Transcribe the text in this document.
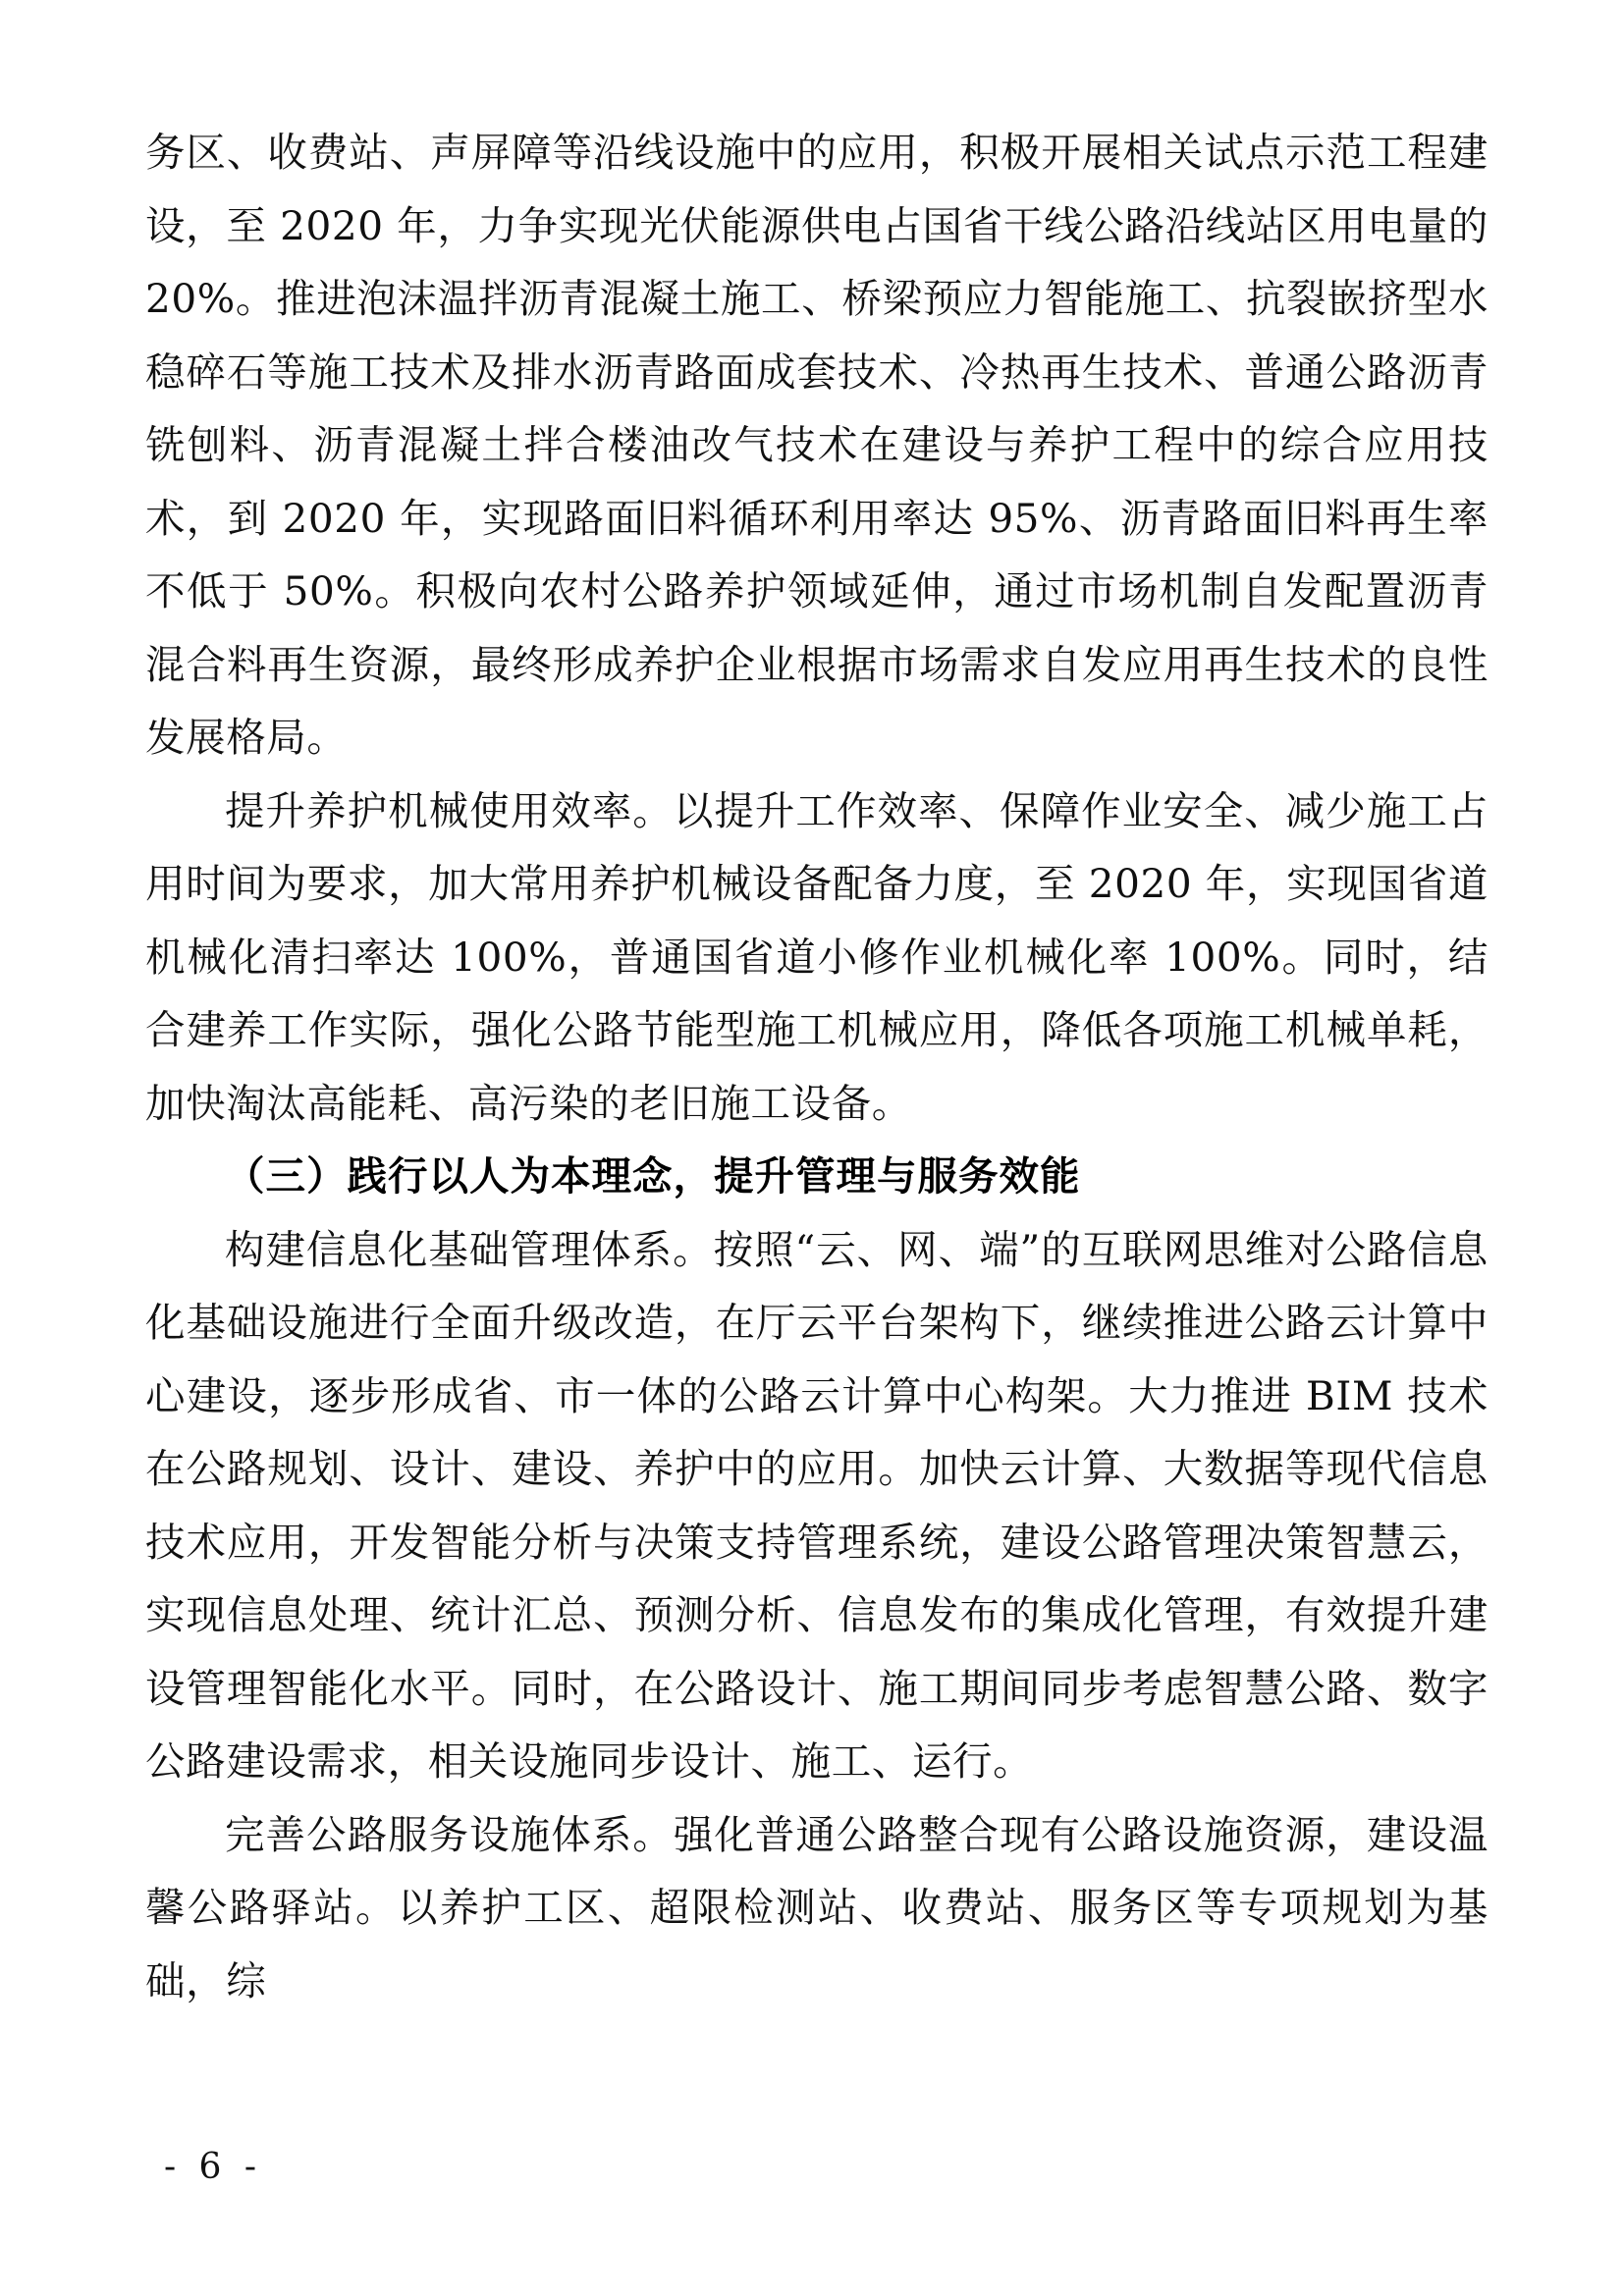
务区、收费站、声屏障等沿线设施中的应用，积极开展相关试点示范工程建设，至 2020 年，力争实现光伏能源供电占国省干线公路沿线站区用电量的 20%。推进泡沫温拌沥青混凝土施工、桥梁预应力智能施工、抗裂嵌挤型水稳碎石等施工技术及排水沥青路面成套技术、冷热再生技术、普通公路沥青铣刨料、沥青混凝土拌合楼油改气技术在建设与养护工程中的综合应用技术，到 2020 年，实现路面旧料循环利用率达 95%、沥青路面旧料再生率不低于 50%。积极向农村公路养护领域延伸，通过市场机制自发配置沥青混合料再生资源，最终形成养护企业根据市场需求自发应用再生技术的良性发展格局。

提升养护机械使用效率。以提升工作效率、保障作业安全、减少施工占用时间为要求，加大常用养护机械设备配备力度，至 2020 年，实现国省道机械化清扫率达 100%，普通国省道小修作业机械化率 100%。同时，结合建养工作实际，强化公路节能型施工机械应用，降低各项施工机械单耗，加快淘汰高能耗、高污染的老旧施工设备。

（三）践行以人为本理念，提升管理与服务效能

构建信息化基础管理体系。按照“云、网、端”的互联网思维对公路信息化基础设施进行全面升级改造，在厅云平台架构下，继续推进公路云计算中心建设，逐步形成省、市一体的公路云计算中心构架。大力推进 BIM 技术在公路规划、设计、建设、养护中的应用。加快云计算、大数据等现代信息技术应用，开发智能分析与决策支持管理系统，建设公路管理决策智慧云，实现信息处理、统计汇总、预测分析、信息发布的集成化管理，有效提升建设管理智能化水平。同时，在公路设计、施工期间同步考虑智慧公路、数字公路建设需求，相关设施同步设计、施工、运行。

完善公路服务设施体系。强化普通公路整合现有公路设施资源，建设温馨公路驿站。以养护工区、超限检测站、收费站、服务区等专项规划为基础，综

- 6 -
